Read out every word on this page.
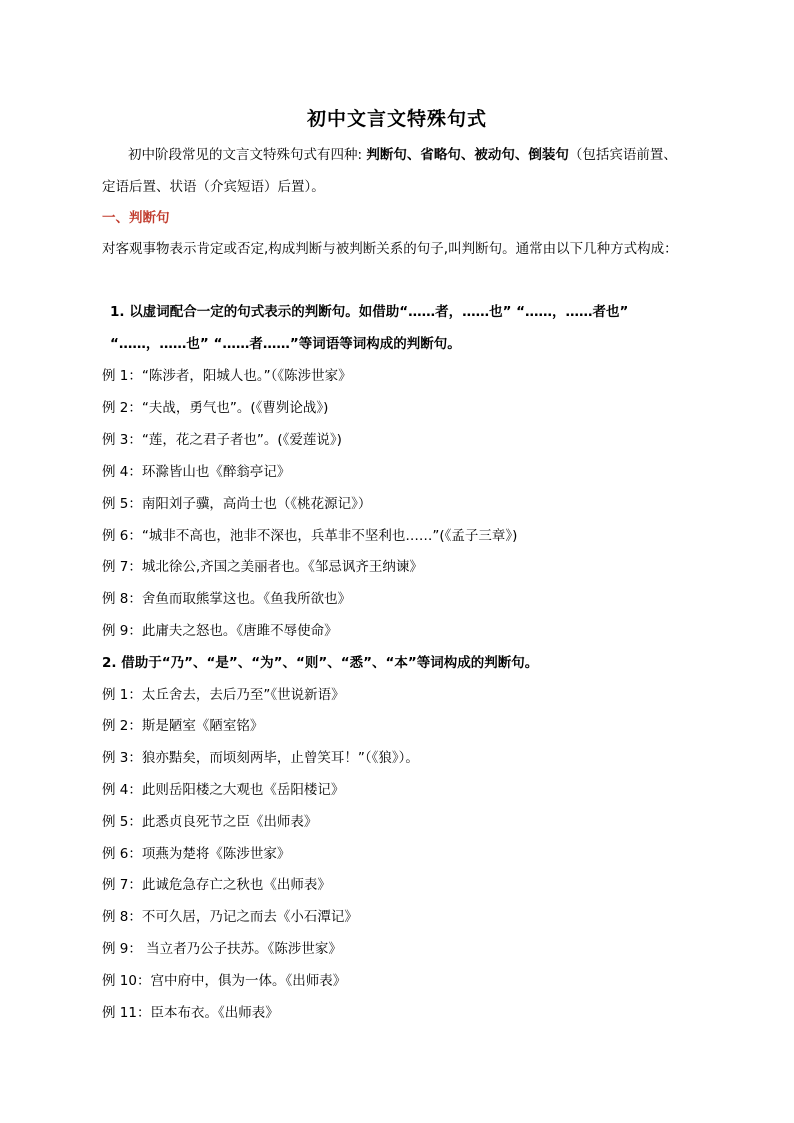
初中文言文特殊句式
初中阶段常见的文言文特殊句式有四种: 判断句、省略句、被动句、倒装句（包括宾语前置、
定语后置、状语（介宾短语）后置）。
一、判断句
对客观事物表示肯定或否定,构成判断与被判断关系的句子,叫判断句。通常由以下几种方式构成：
1. 以虚词配合一定的句式表示的判断句。如借助“……者，……也” “……，……者也”
“……，……也” “……者……”等词语等词构成的判断句。
例 1：“陈涉者，阳城人也。”（《陈涉世家》
例 2：“夫战，勇气也”。(《曹刿论战》)
例 3：“莲，花之君子者也”。(《爱莲说》)
例 4：环滁皆山也《醉翁亭记》
例 5：南阳刘子骥，高尚士也（《桃花源记》）
例 6：“城非不高也，池非不深也，兵革非不坚利也……”(《孟子三章》)
例 7：城北徐公,齐国之美丽者也。《邹忌讽齐王纳谏》
例 8：舍鱼而取熊掌这也。《鱼我所欲也》
例 9：此庸夫之怒也。《唐雎不辱使命》
2. 借助于“乃”、“是”、“为”、“则”、“悉”、“本”等词构成的判断句。
例 1：太丘舍去，去后乃至”《世说新语》
例 2：斯是陋室《陋室铭》
例 3：狼亦黠矣，而顷刻两毕，止曾笑耳！”（《狼》）。
例 4：此则岳阳楼之大观也《岳阳楼记》
例 5：此悉贞良死节之臣《出师表》
例 6：项燕为楚将《陈涉世家》
例 7：此诚危急存亡之秋也《出师表》
例 8：不可久居，乃记之而去《小石潭记》
例 9： 当立者乃公子扶苏。《陈涉世家》
例 10：宫中府中，俱为一体。《出师表》
例 11：臣本布衣。《出师表》
